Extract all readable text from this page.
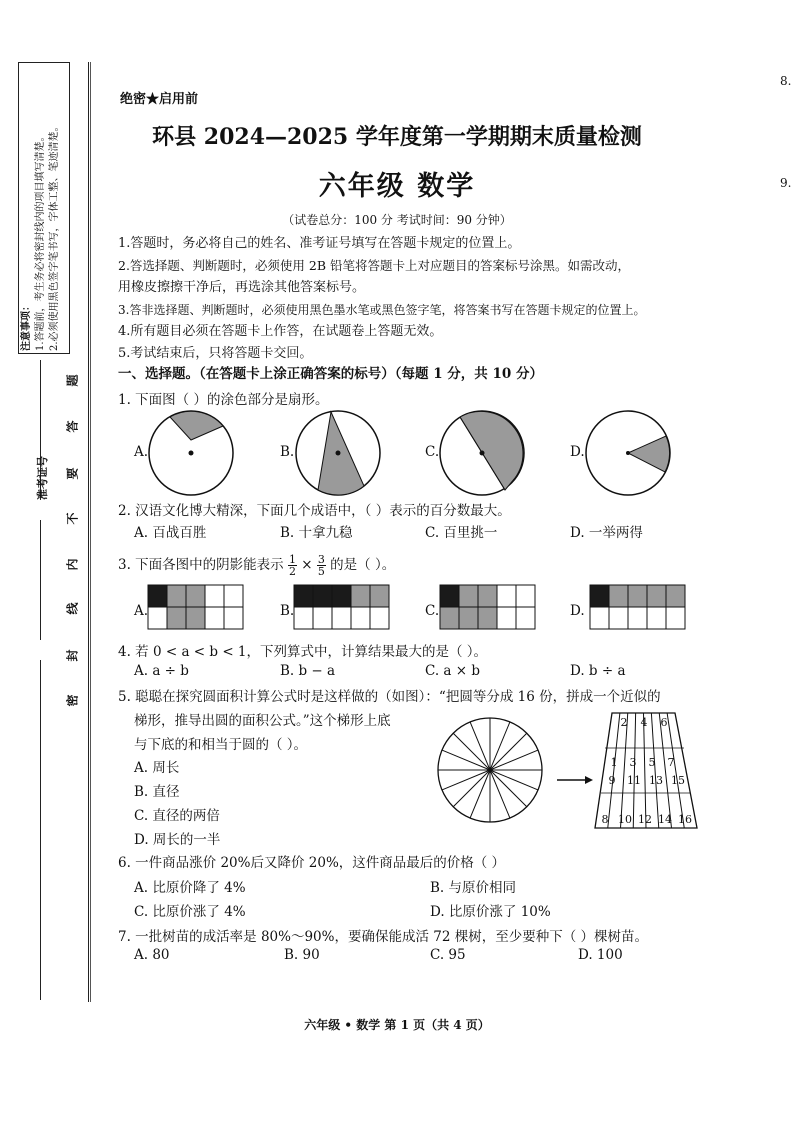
注意事项： 1.答题前，考生务必将密封线内的项目填写清楚。 2.必须使用黑色签字笔书写，字体工整、笔迹清楚。
准考证号
密
封
线
内
不
要
答
题
8.
9.
绝密★启用前
环县 2024—2025 学年度第一学期期末质量检测
六年级 数学
（试卷总分：100 分 考试时间：90 分钟）
1.答题时，务必将自己的姓名、准考证号填写在答题卡规定的位置上。
2.答选择题、判断题时，必须使用 2B 铅笔将答题卡上对应题目的答案标号涂黑。如需改动，
用橡皮擦擦干净后，再选涂其他答案标号。
3.答非选择题、判断题时，必须使用黑色墨水笔或黑色签字笔，将答案书写在答题卡规定的位置上。
4.所有题目必须在答题卡上作答，在试题卷上答题无效。
5.考试结束后，只将答题卡交回。
一、选择题。（在答题卡上涂正确答案的标号）（每题 1 分，共 10 分）
1. 下面图（ ）的涂色部分是扇形。
A.	B.	C.	D.
2. 汉语文化博大精深，下面几个成语中，（ ）表示的百分数最大。
A. 百战百胜	B. 十拿九稳	C. 百里挑一	D. 一举两得
3. 下面各图中的阴影能表示 $\frac{1}{2} \times \frac{3}{5}$ 的是（ ）。
A.	B.	C.	D.
4. 若 0 < a < b < 1，下列算式中，计算结果最大的是（ ）。
A. a ÷ b	B. b − a	C. a × b	D. b ÷ a
5. 聪聪在探究圆面积计算公式时是这样做的（如图）：“把圆等分成 16 份，拼成一个近似的
梯形，推导出圆的面积公式。”这个梯形上底
与下底的和相当于圆的（ ）。
A. 周长
B. 直径
C. 直径的两倍
D. 周长的一半
2 4 6
1 3 5 7
9 11 13 15
8 10 12 14 16
6. 一件商品涨价 20%后又降价 20%，这件商品最后的价格（ ）
A. 比原价降了 4%	B. 与原价相同
C. 比原价涨了 4%	D. 比原价涨了 10%
7. 一批树苗的成活率是 80%～90%，要确保能成活 72 棵树，至少要种下（ ）棵树苗。
A. 80	B. 90	C. 95	D. 100
六年级 • 数学 第 1 页（共 4 页）
